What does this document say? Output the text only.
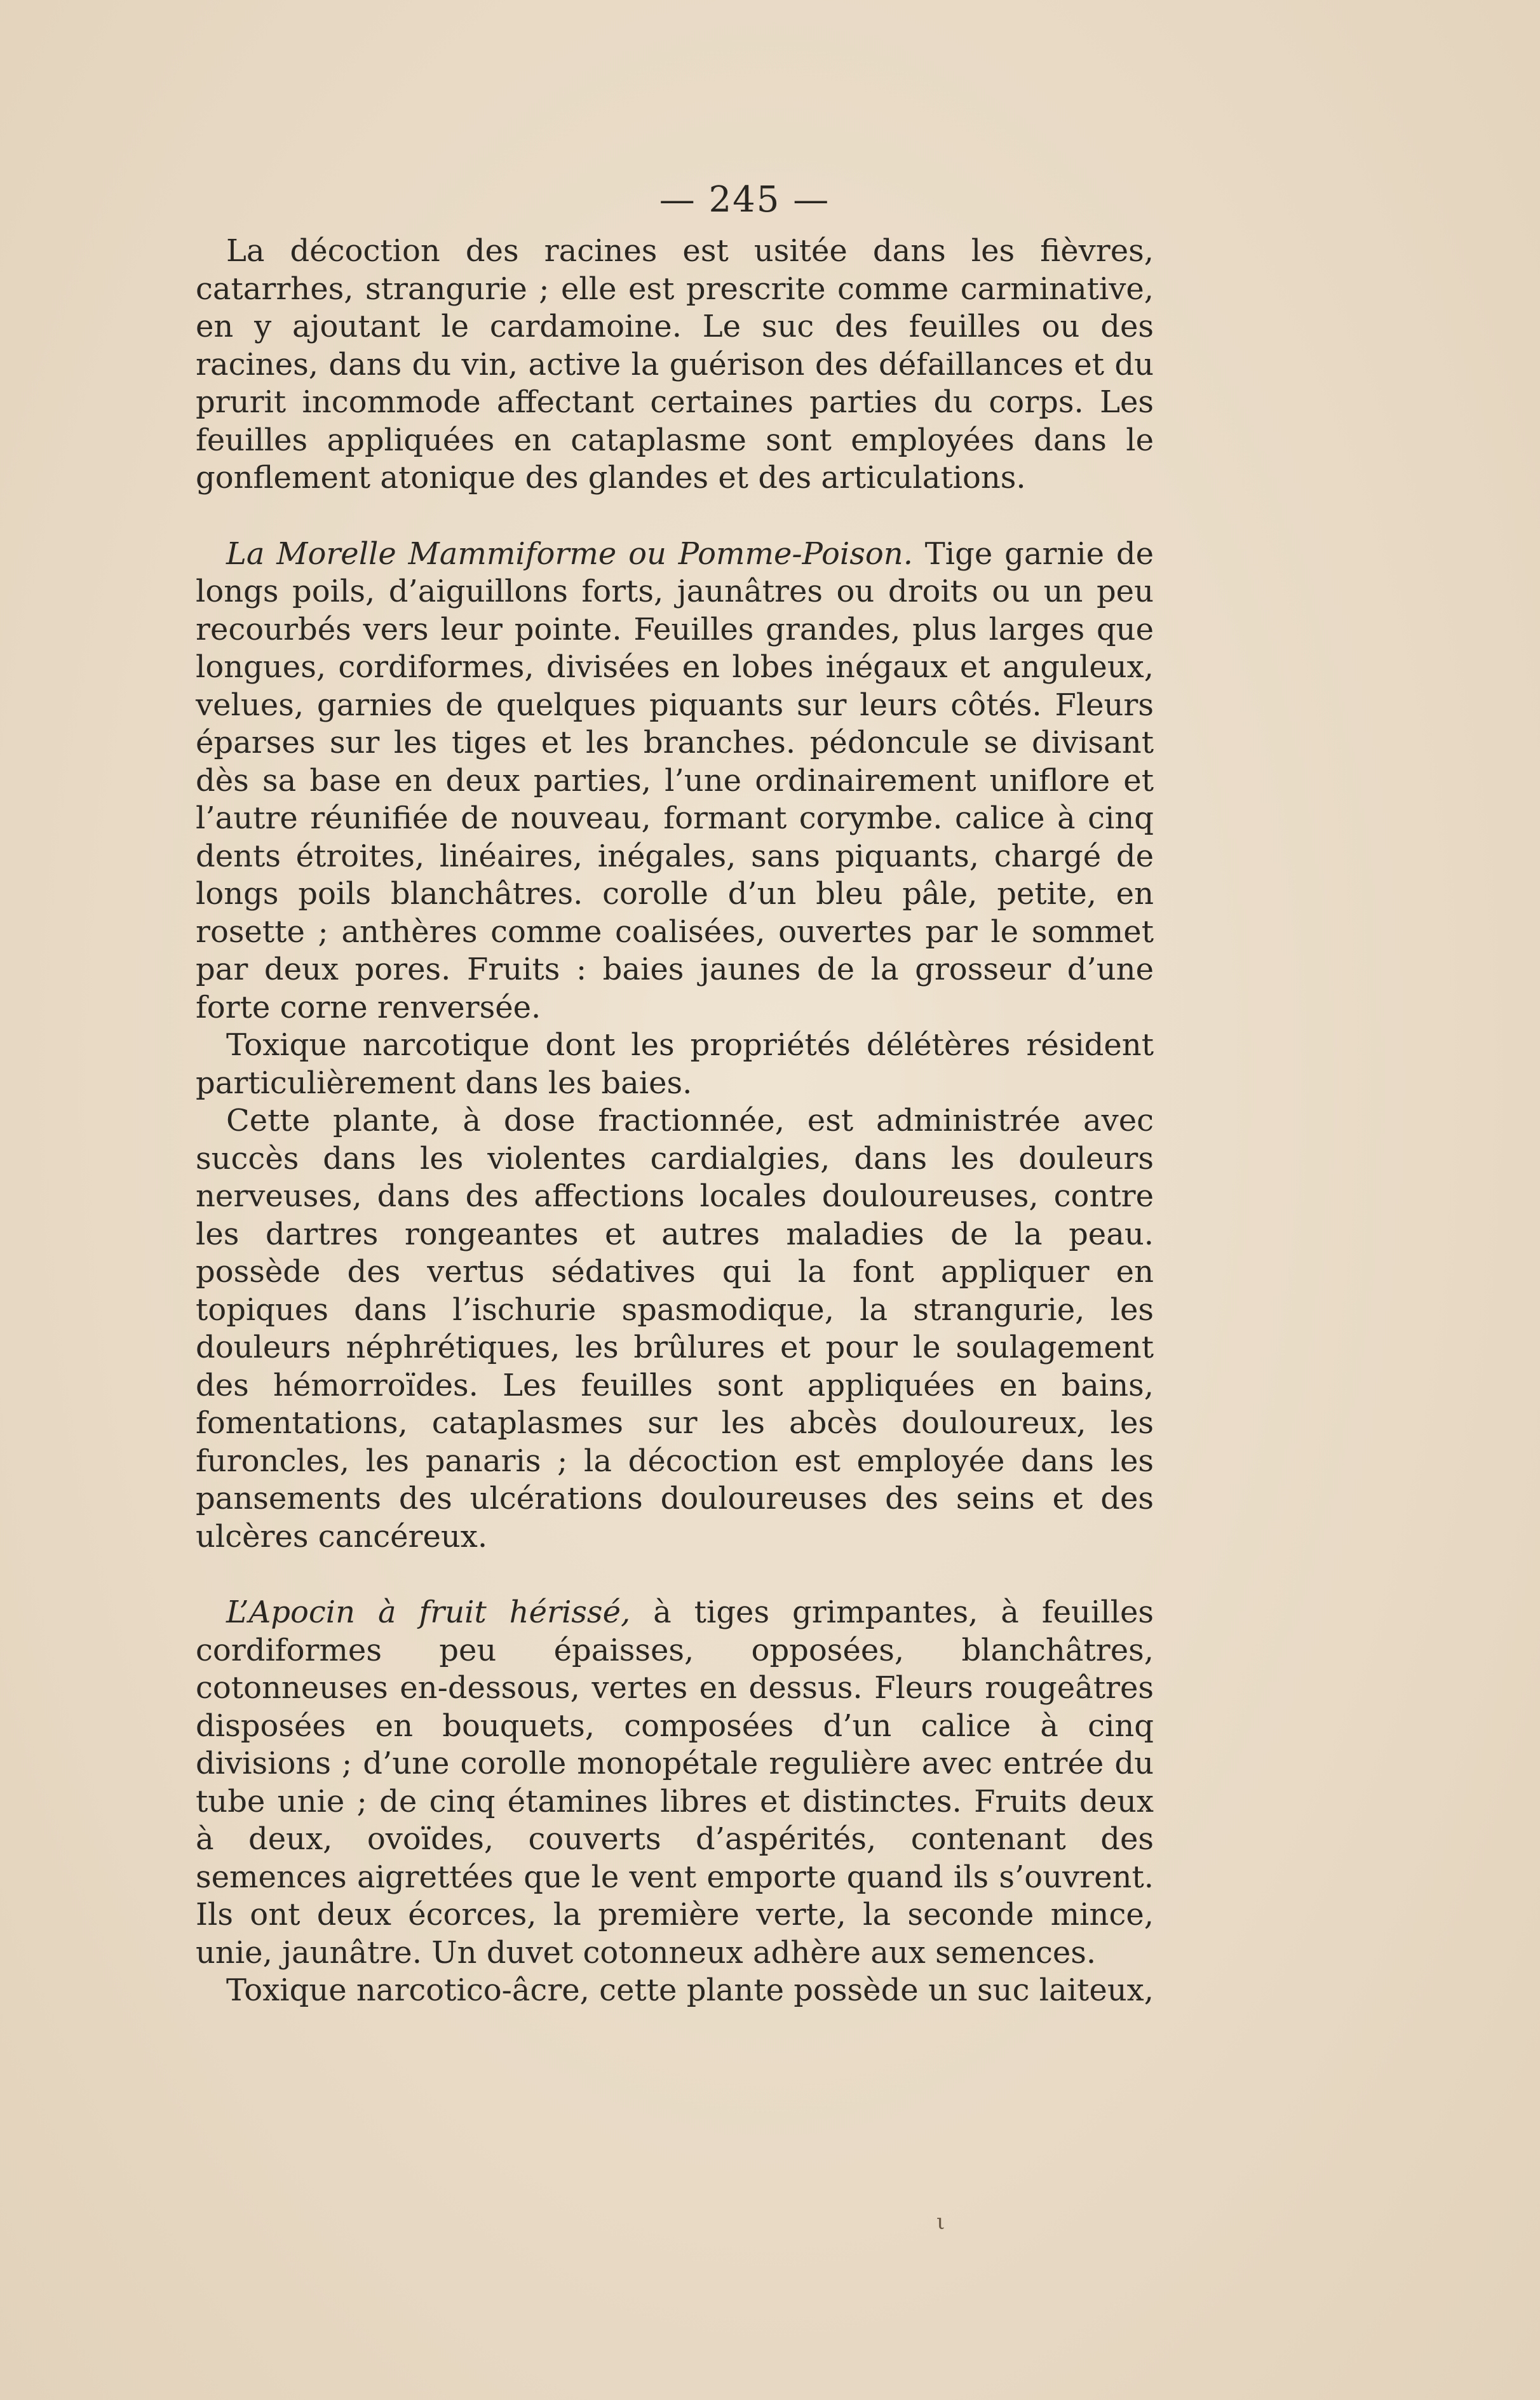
— 245 —

La décoction des racines est usitée dans les fièvres, catarrhes, strangurie ; elle est prescrite comme carminative, en y ajoutant le cardamoine. Le suc des feuilles ou des racines, dans du vin, active la guérison des défaillances et du prurit incommode affectant certaines parties du corps. Les feuilles appliquées en cataplasme sont employées dans le gonflement atonique des glandes et des articulations.

La Morelle Mammiforme ou Pomme-Poison. Tige garnie de longs poils, d’aiguillons forts, jaunâtres ou droits ou un peu recourbés vers leur pointe. Feuilles grandes, plus larges que longues, cordiformes, divisées en lobes inégaux et anguleux, velues, garnies de quelques piquants sur leurs côtés. Fleurs éparses sur les tiges et les branches. pédoncule se divisant dès sa base en deux parties, l’une ordinairement uniflore et l’autre réunifiée de nouveau, formant corymbe. calice à cinq dents étroites, linéaires, inégales, sans piquants, chargé de longs poils blanchâtres. corolle d’un bleu pâle, petite, en rosette ; anthères comme coalisées, ouvertes par le sommet par deux pores. Fruits : baies jaunes de la grosseur d’une forte corne renversée.

Toxique narcotique dont les propriétés délétères résident particulièrement dans les baies.

Cette plante, à dose fractionnée, est administrée avec succès dans les violentes cardialgies, dans les douleurs nerveuses, dans des affections locales douloureuses, contre les dartres rongeantes et autres maladies de la peau. possède des vertus sédatives qui la font appliquer en topiques dans l’ischurie spasmodique, la strangurie, les douleurs néphrétiques, les brûlures et pour le soulagement des hémorroïdes. Les feuilles sont appliquées en bains, fomentations, cataplasmes sur les abcès douloureux, les furoncles, les panaris ; la décoction est employée dans les pansements des ulcérations douloureuses des seins et des ulcères cancéreux.

L’Apocin à fruit hérissé, à tiges grimpantes, à feuilles cordiformes peu épaisses, opposées, blanchâtres, cotonneuses en-dessous, vertes en dessus. Fleurs rougeâtres disposées en bouquets, composées d’un calice à cinq divisions ; d’une corolle monopétale regulière avec entrée du tube unie ; de cinq étamines libres et distinctes. Fruits deux à deux, ovoïdes, couverts d’aspérités, contenant des semences aigrettées que le vent emporte quand ils s’ouvrent. Ils ont deux écorces, la première verte, la seconde mince, unie, jaunâtre. Un duvet cotonneux adhère aux semences.

Toxique narcotico-âcre, cette plante possède un suc laiteux,

ι
